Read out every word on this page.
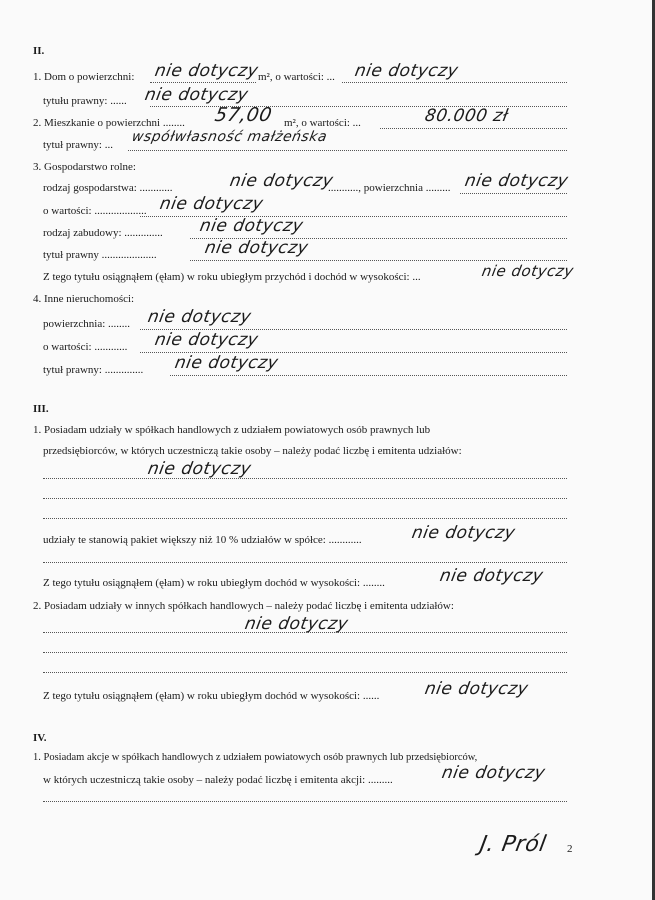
II.
1. Dom o powierzchni: nie dotyczy
m², o wartości: ... nie dotyczy
tytułu prawny: ...... nie dotyczy
2. Mieszkanie o powierzchni ........ 57,00 m², o wartości: ...	80.000 zł
tytuł prawny: ... współwłasność małżeńska
3. Gospodarstwo rolne:
rodzaj gospodarstwa: ............	nie dotyczy
..........., powierzchnia ......... nie dotyczy
o wartości: ................... nie dotyczy
rodzaj zabudowy: .............. nie dotyczy
tytuł prawny ....................	nie dotyczy
Z tego tytułu osiągnąłem (ęłam) w roku ubiegłym przychód i dochód w wysokości: ...	nie dotyczy
4. Inne nieruchomości:
powierzchnia: ........ nie dotyczy
o wartości: ............ nie dotyczy
tytuł prawny: .............. nie dotyczy
III.
1. Posiadam udziały w spółkach handlowych z udziałem powiatowych osób prawnych lub
przedsiębiorców, w których uczestniczą takie osoby – należy podać liczbę i emitenta udziałów:
nie dotyczy
udziały te stanowią pakiet większy niż 10 % udziałów w spółce: ............	nie dotyczy
Z tego tytułu osiągnąłem (ęłam) w roku ubiegłym dochód w wysokości: ........	nie dotyczy
2. Posiadam udziały w innych spółkach handlowych – należy podać liczbę i emitenta udziałów:
nie dotyczy
Z tego tytułu osiągnąłem (ęłam) w roku ubiegłym dochód w wysokości: ......	nie dotyczy
IV.
1. Posiadam akcje w spółkach handlowych z udziałem powiatowych osób prawnych lub przedsiębiorców,
w których uczestniczą takie osoby – należy podać liczbę i emitenta akcji: .........	nie dotyczy
J. Pról 2
